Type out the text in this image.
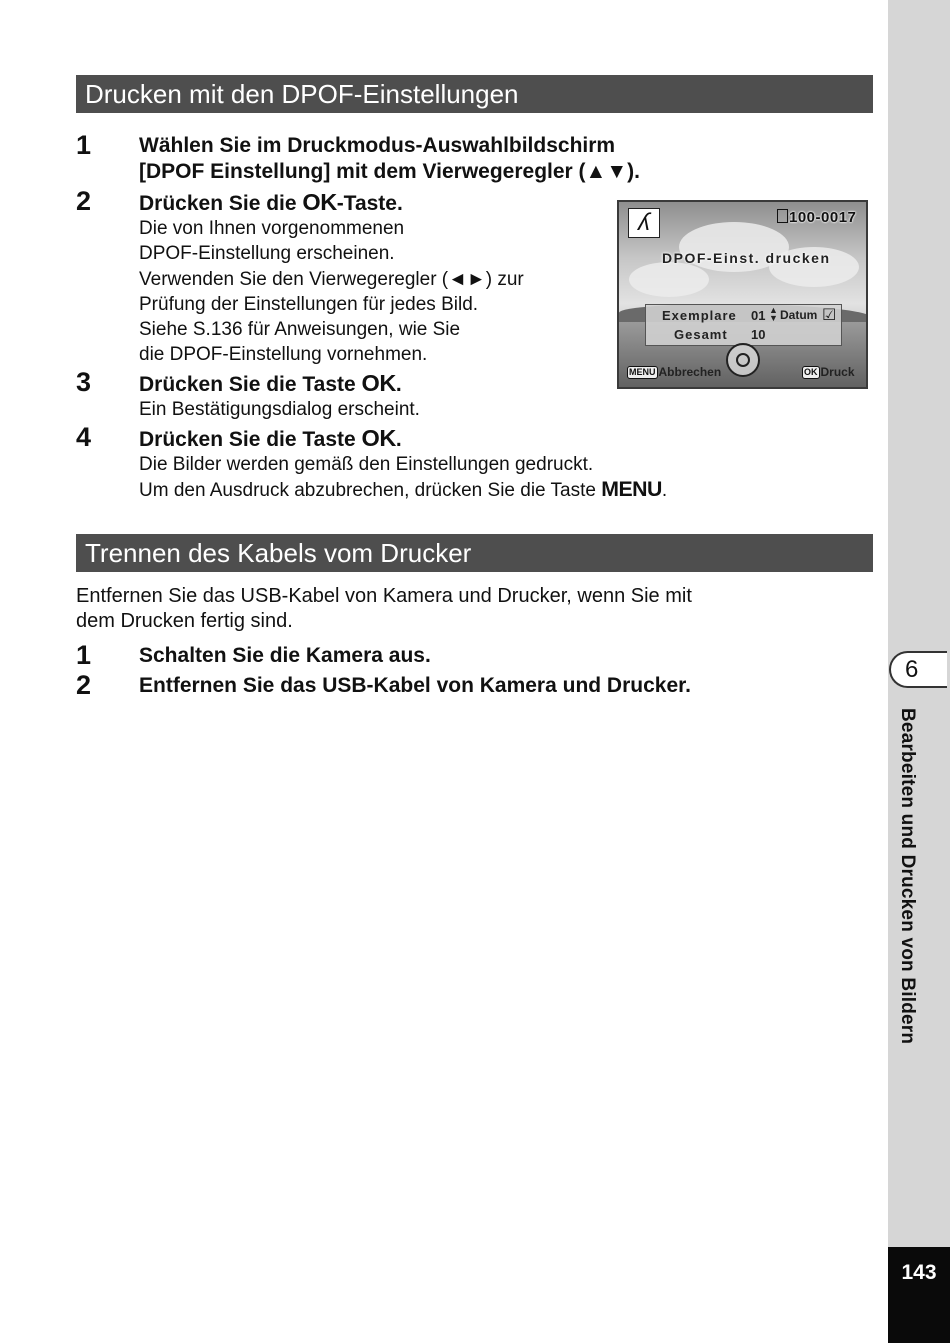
6
Bearbeiten und Drucken von Bildern
143
Drucken mit den DPOF-Einstellungen
1 Wählen Sie im Druckmodus-Auswahlbildschirm
[DPOF Einstellung] mit dem Vierwegeregler (▲▼).
2 Drücken Sie die OK-Taste.
Die von Ihnen vorgenommenen
DPOF-Einstellung erscheinen.
Verwenden Sie den Vierwegeregler (◄►) zur
Prüfung der Einstellungen für jedes Bild.
Siehe S.136 für Anweisungen, wie Sie
die DPOF-Einstellung vornehmen.
3 Drücken Sie die Taste OK.
Ein Bestätigungsdialog erscheint.
4 Drücken Sie die Taste OK.
Die Bilder werden gemäß den Einstellungen gedruckt.
Um den Ausdruck abzubrechen, drücken Sie die Taste MENU.
ʎ	100-0017
DPOF-Einst. drucken
Exemplare 01 ▲
▼ Datum ☑
Gesamt 10
MENU Abbrechen	OK Druck
Trennen des Kabels vom Drucker
Entfernen Sie das USB-Kabel von Kamera und Drucker, wenn Sie mit
dem Drucken fertig sind.
1 Schalten Sie die Kamera aus.
2 Entfernen Sie das USB-Kabel von Kamera und Drucker.
